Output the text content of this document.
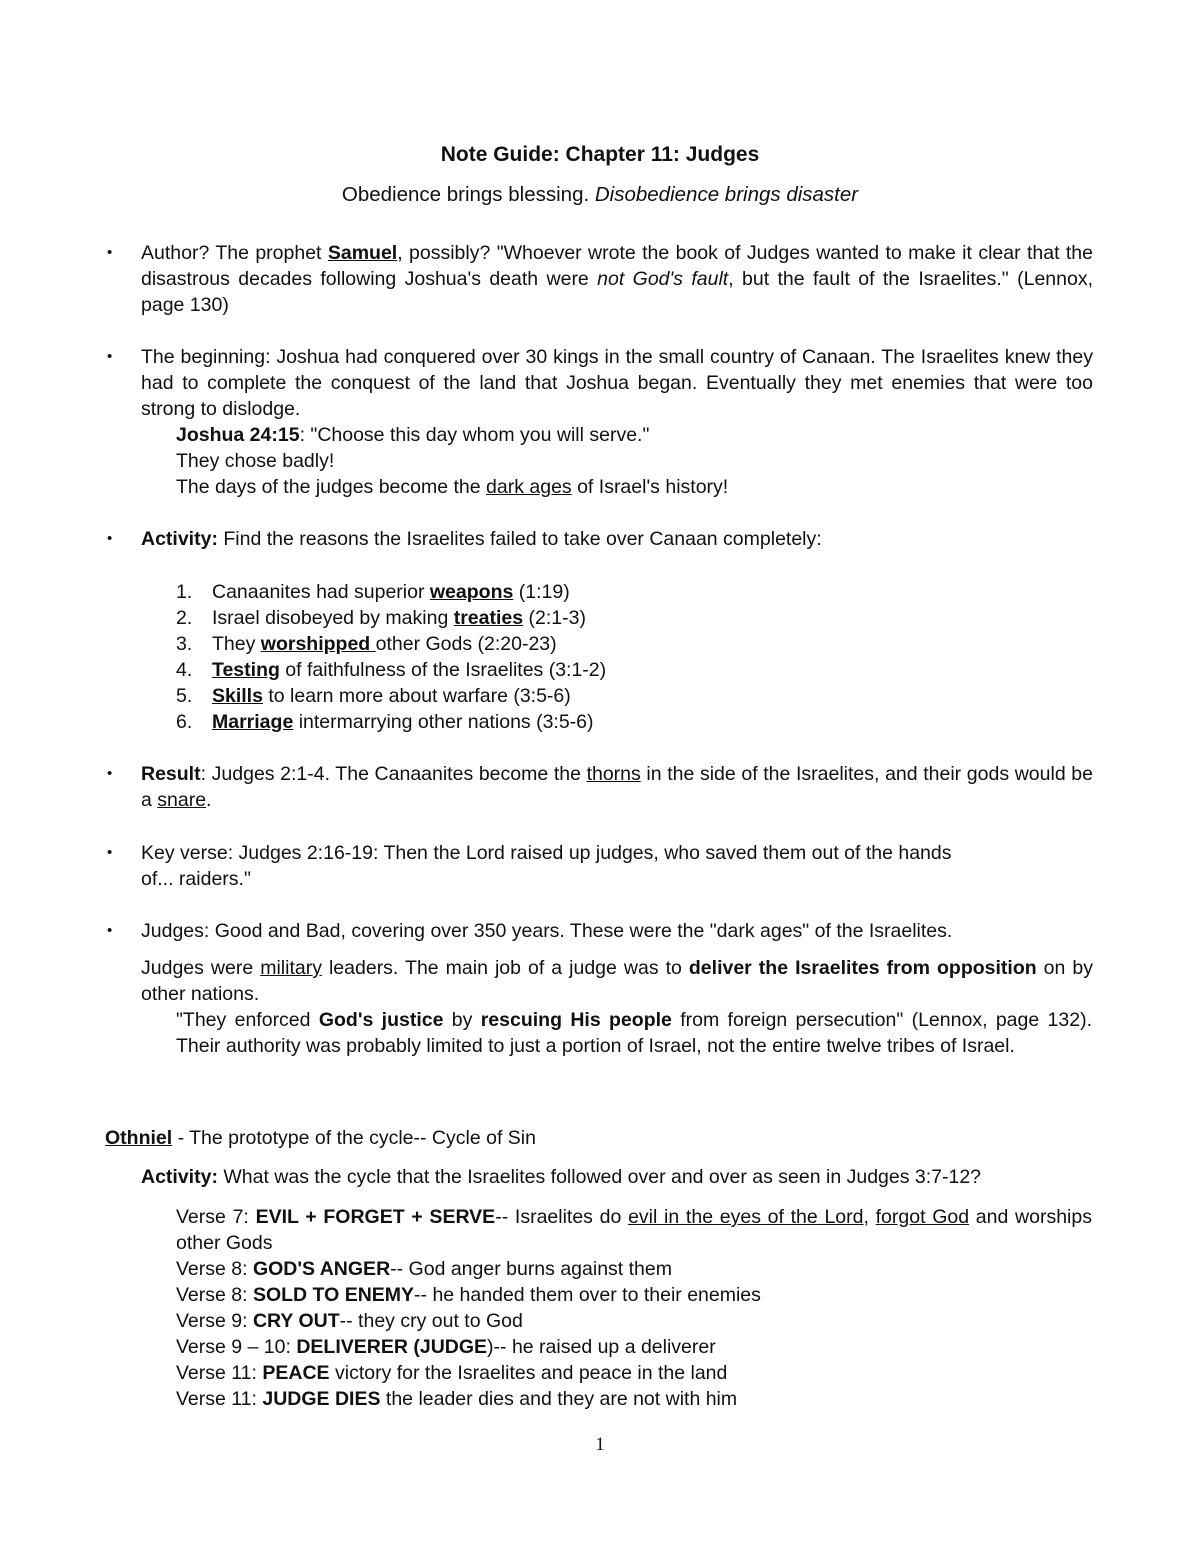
Note Guide: Chapter 11: Judges
Obedience brings blessing. Disobedience brings disaster
• Author? The prophet Samuel, possibly? "Whoever wrote the book of Judges wanted to make it clear that the disastrous decades following Joshua's death were not God's fault, but the fault of the Israelites." (Lennox, page 130)
• The beginning: Joshua had conquered over 30 kings in the small country of Canaan. The Israelites knew they had to complete the conquest of the land that Joshua began. Eventually they met enemies that were too strong to dislodge.
Joshua 24:15: "Choose this day whom you will serve."
They chose badly!
The days of the judges become the dark ages of Israel's history!
• Activity: Find the reasons the Israelites failed to take over Canaan completely:
1. Canaanites had superior weapons (1:19)
2. Israel disobeyed by making treaties (2:1-3)
3. They worshipped other Gods (2:20-23)
4. Testing of faithfulness of the Israelites (3:1-2)
5. Skills to learn more about warfare (3:5-6)
6. Marriage intermarrying other nations (3:5-6)
• Result: Judges 2:1-4. The Canaanites become the thorns in the side of the Israelites, and their gods would be a snare.
• Key verse: Judges 2:16-19: Then the Lord raised up judges, who saved them out of the hands
of... raiders."
• Judges: Good and Bad, covering over 350 years. These were the "dark ages" of the Israelites.
Judges were military leaders. The main job of a judge was to deliver the Israelites from opposition on by other nations.
"They enforced God's justice by rescuing His people from foreign persecution" (Lennox, page 132). Their authority was probably limited to just a portion of Israel, not the entire twelve tribes of Israel.
Othniel - The prototype of the cycle-- Cycle of Sin
Activity: What was the cycle that the Israelites followed over and over as seen in Judges 3:7-12?
Verse 7: EVIL + FORGET + SERVE-- Israelites do evil in the eyes of the Lord, forgot God and worships other Gods
Verse 8: GOD'S ANGER-- God anger burns against them
Verse 8: SOLD TO ENEMY-- he handed them over to their enemies
Verse 9: CRY OUT-- they cry out to God
Verse 9 – 10: DELIVERER (JUDGE)-- he raised up a deliverer
Verse 11: PEACE victory for the Israelites and peace in the land
Verse 11: JUDGE DIES the leader dies and they are not with him
1
